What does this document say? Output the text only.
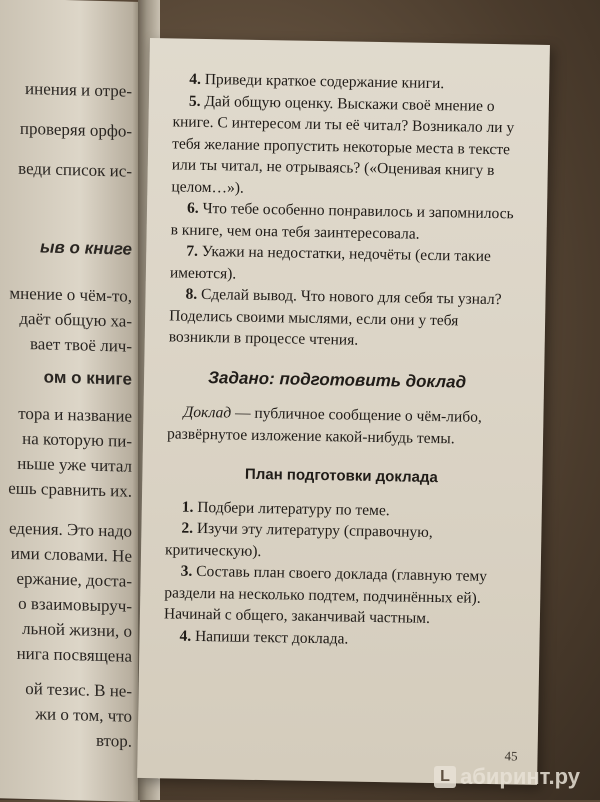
инения и отре-
проверяя орфо-
веди список ис-
мнение о чём-то,
даёт общую ха-
вает твоё лич-
тора и название
на которую пи-
ньше уже читал
ешь сравнить их.
едения. Это надо
ими словами. Не
ержание, доста-
о взаимовыруч-
льной жизни, о
нига посвящена
ой тезис. В не-
жи о том, что
втор.
ыв о книге
ом о книге

4. Приведи краткое содержание книги.

5. Дай общую оценку. Выскажи своё мнение о книге. С интересом ли ты её читал? Возникало ли у тебя желание пропустить некоторые места в тексте или ты читал, не отрываясь? («Оценивая книгу в целом…»).

6. Что тебе особенно понравилось и запомнилось в книге, чем она тебя заинтересовала.

7. Укажи на недостатки, недочёты (если такие имеются).

8. Сделай вывод. Что нового для себя ты узнал? Поделись своими мыслями, если они у тебя возникли в процессе чтения.

Задано: подготовить доклад

Доклад — публичное сообщение о чём-либо, развёрнутое изложение какой-нибудь темы.

План подготовки доклада

1. Подбери литературу по теме.

2. Изучи эту литературу (справочную, критическую).

3. Составь план своего доклада (главную тему раздели на несколько подтем, подчинённых ей). Начинай с общего, заканчивай частным.

4. Напиши текст доклада.

45
L абиринт.ру
